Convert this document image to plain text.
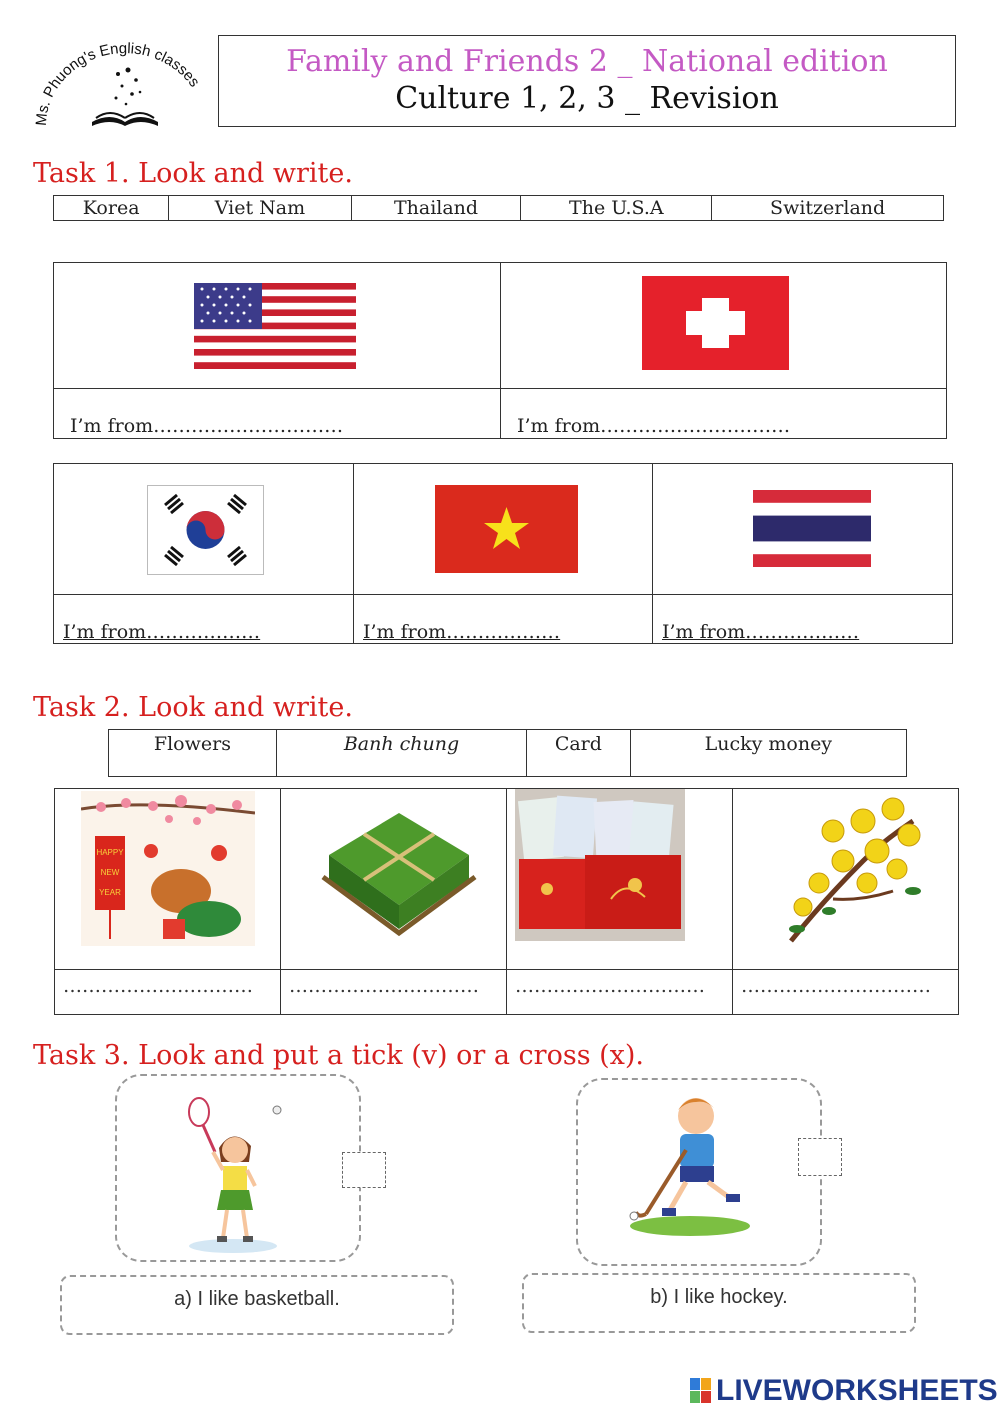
Ms. Phuong's English classes
Family and Friends 2 _ National edition
Culture 1, 2, 3 _ Revision
Task 1. Look and write.
Korea	Viet Nam	Thailand	The U.S.A	Switzerland
I’m from…………………………	I’m from…………………………
I’m from………………	I’m from………………	I’m from………………
Task 2. Look and write.
Flowers	Banh chung	Card	Lucky money
HAPPY
NEW
YEAR
………………………… ………………………… ………………………… …………………………
Task 3. Look and put a tick (v) or a cross (x).
a) I like basketball.	b) I like hockey.
LIVEWORKSHEETS
